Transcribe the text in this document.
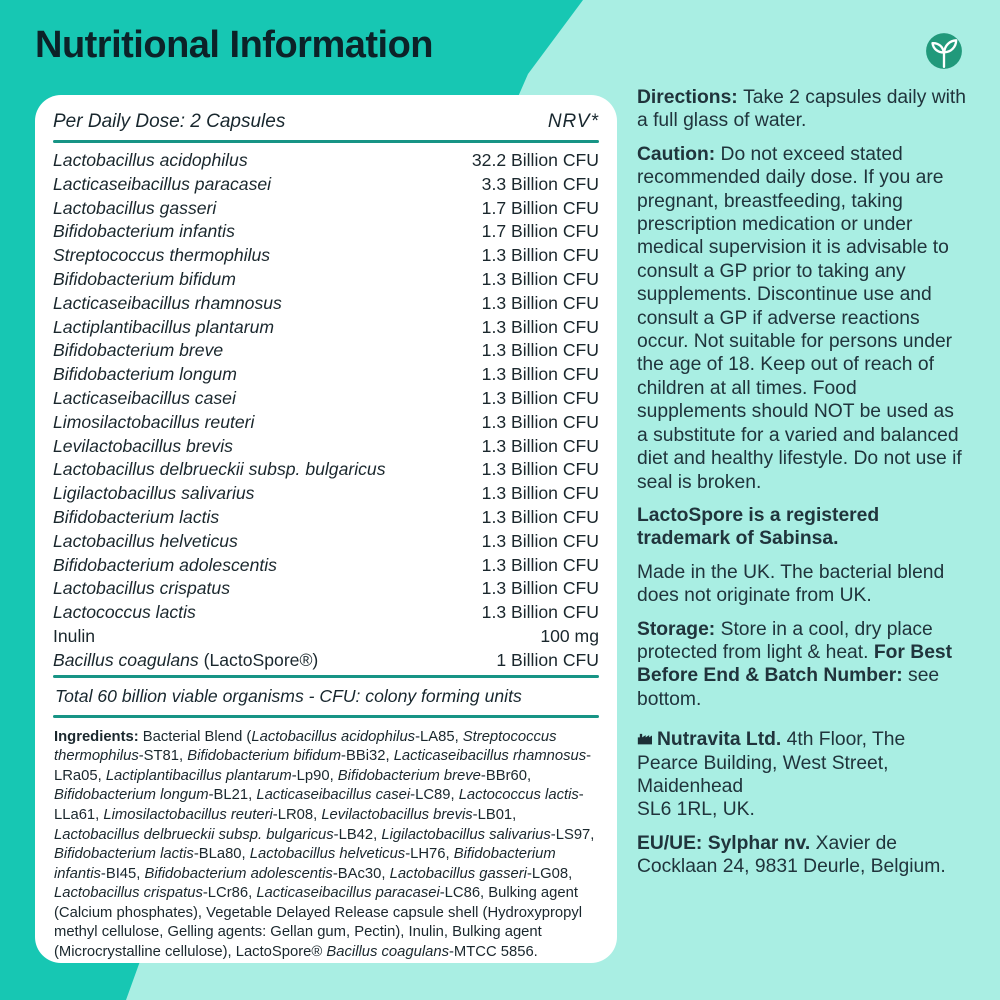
Nutritional Information
Per Daily Dose: 2 Capsules	NRV*
Lactobacillus acidophilus	32.2 Billion CFU
Lacticaseibacillus paracasei	3.3 Billion CFU
Lactobacillus gasseri	1.7 Billion CFU
Bifidobacterium infantis	1.7 Billion CFU
Streptococcus thermophilus	1.3 Billion CFU
Bifidobacterium bifidum	1.3 Billion CFU
Lacticaseibacillus rhamnosus	1.3 Billion CFU
Lactiplantibacillus plantarum	1.3 Billion CFU
Bifidobacterium breve	1.3 Billion CFU
Bifidobacterium longum	1.3 Billion CFU
Lacticaseibacillus casei	1.3 Billion CFU
Limosilactobacillus reuteri	1.3 Billion CFU
Levilactobacillus brevis	1.3 Billion CFU
Lactobacillus delbrueckii subsp. bulgaricus	1.3 Billion CFU
Ligilactobacillus salivarius	1.3 Billion CFU
Bifidobacterium lactis	1.3 Billion CFU
Lactobacillus helveticus	1.3 Billion CFU
Bifidobacterium adolescentis	1.3 Billion CFU
Lactobacillus crispatus	1.3 Billion CFU
Lactococcus lactis	1.3 Billion CFU
Inulin	100 mg
Bacillus coagulans (LactoSpore®)	1 Billion CFU

Total 60 billion viable organisms - CFU: colony forming units

Ingredients: Bacterial Blend (Lactobacillus acidophilus-LA85, Streptococcus thermophilus-ST81, Bifidobacterium bifidum-BBi32, Lacticaseibacillus rhamnosus-LRa05, Lactiplantibacillus plantarum-Lp90, Bifidobacterium breve-BBr60, Bifidobacterium longum-BL21, Lacticaseibacillus casei-LC89, Lactococcus lactis-LLa61, Limosilactobacillus reuteri-LR08, Levilactobacillus brevis-LB01, Lactobacillus delbrueckii subsp. bulgaricus-LB42, Ligilactobacillus salivarius-LS97, Bifidobacterium lactis-BLa80, Lactobacillus helveticus-LH76, Bifidobacterium infantis-BI45, Bifidobacterium adolescentis-BAc30, Lactobacillus gasseri-LG08, Lactobacillus crispatus-LCr86, Lacticaseibacillus paracasei-LC86, Bulking agent (Calcium phosphates), Vegetable Delayed Release capsule shell (Hydroxypropyl methyl cellulose, Gelling agents: Gellan gum, Pectin), Inulin, Bulking agent (Microcrystalline cellulose), LactoSpore® Bacillus coagulans-MTCC 5856.

Directions: Take 2 capsules daily with a full glass of water.

Caution: Do not exceed stated recommended daily dose. If you are pregnant, breastfeeding, taking prescription medication or under medical supervision it is advisable to consult a GP prior to taking any supplements. Discontinue use and consult a GP if adverse reactions occur. Not suitable for persons under the age of 18. Keep out of reach of children at all times. Food supplements should NOT be used as a substitute for a varied and balanced diet and healthy lifestyle. Do not use if seal is broken.

LactoSpore is a registered trademark of Sabinsa.

Made in the UK. The bacterial blend does not originate from UK.

Storage: Store in a cool, dry place protected from light & heat. For Best Before End & Batch Number: see bottom.

Nutravita Ltd. 4th Floor, The Pearce Building, West Street, Maidenhead
SL6 1RL, UK.

EU/UE: Sylphar nv. Xavier de Cocklaan 24, 9831 Deurle, Belgium.
